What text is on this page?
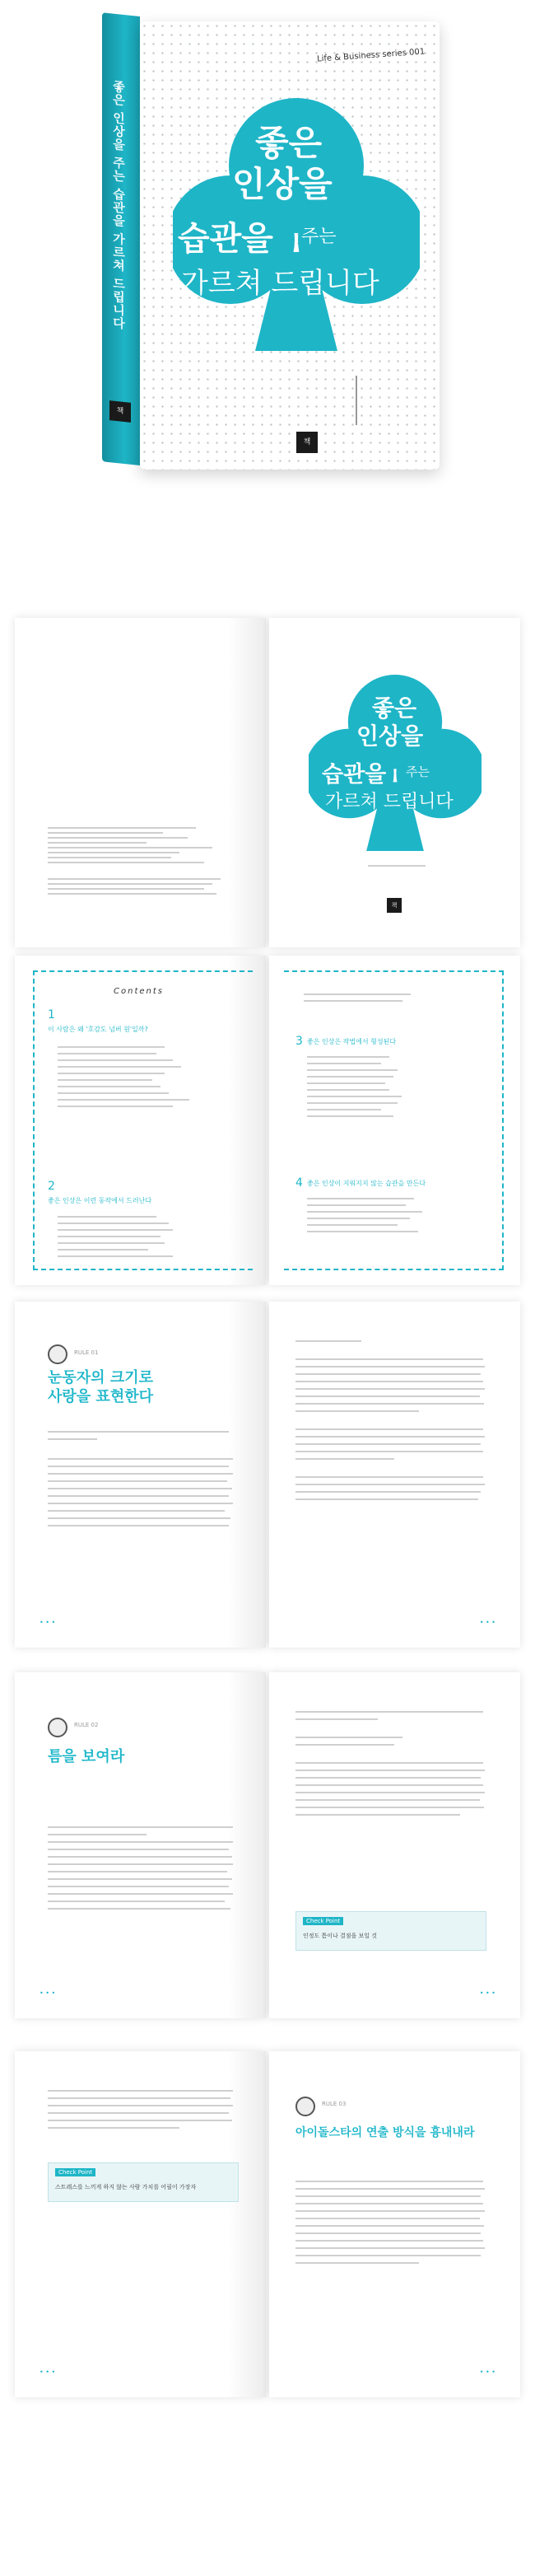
좋은 인상을 주는 습관을 가르쳐 드립니다
책
Life & Business series 001
좋은
인상을
습관을 주는
가르쳐 드립니다
책
좋은
인상을
습관을 주는
가르쳐 드립니다
책
Contents
1
이 사람은 왜 '호감도 넘버 원'일까?
2
좋은 인상은 이런 동작에서 드러난다
3 좋은 인상은 작법에서 형성된다
4 좋은 인상이 지워지지 않는 습관을 만든다
RULE 01
눈동자의 크기로
사랑을 표현한다
• • •	• • •
RULE 02
틈을 보여라
• • •
Check Point
인정도 틈이나 결점을 보일 것
• • •
Check Point
스트레스를 느끼게 하지 않는 사람 가치를 어필이 가장자
• • •
RULE 03
아이돌스타의 연출 방식을 흉내내라
• • •
